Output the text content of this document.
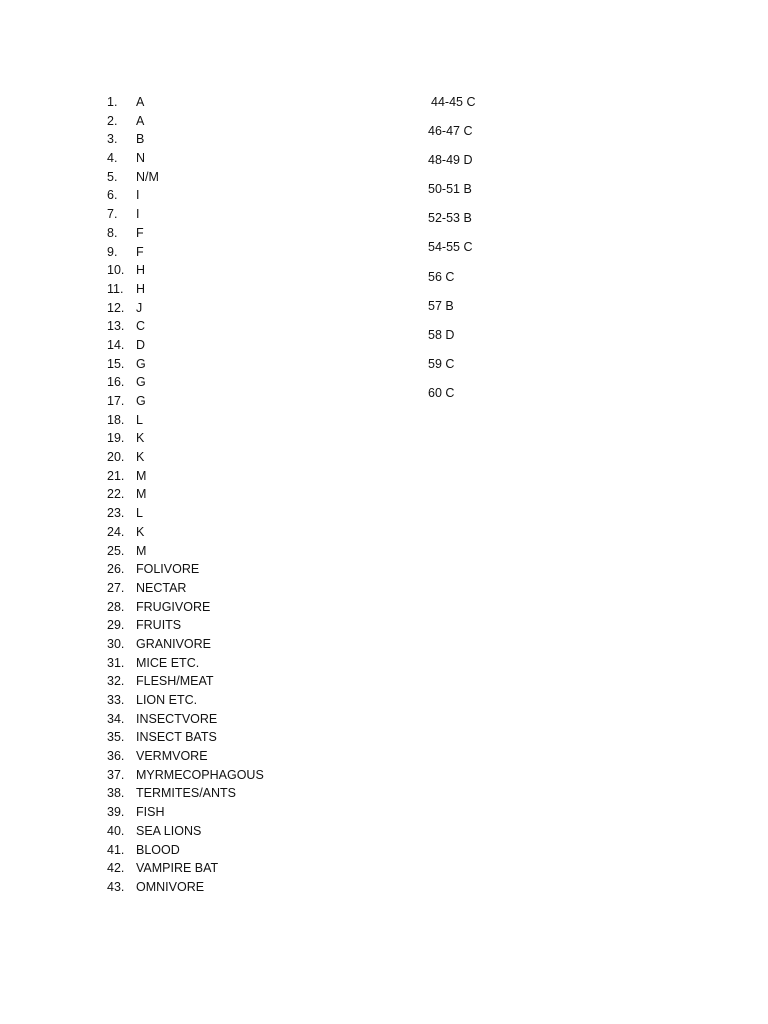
1.	A
2.	A
3.	B
4.	N
5.	N/M
6.	I
7.	I
8.	F
9.	F
10. H
11.	H
12. J
13. C
14. D
15. G
16. G
17. G
18. L
19. K
20. K
21. M
22. M
23. L
24. K
25. M
26. FOLIVORE
27. NECTAR
28. FRUGIVORE
29. FRUITS
30. GRANIVORE
31. MICE ETC.
32. FLESH/MEAT
33. LION ETC.
34. INSECTVORE
35. INSECT BATS
36. VERMVORE
37. MYRMECOPHAGOUS
38. TERMITES/ANTS
39. FISH
40. SEA LIONS
41. BLOOD
42. VAMPIRE BAT
43. OMNIVORE
44-45 C
46-47 C
48-49 D
50-51 B
52-53 B
54-55 C
56 C
57 B
58 D
59 C
60 C
